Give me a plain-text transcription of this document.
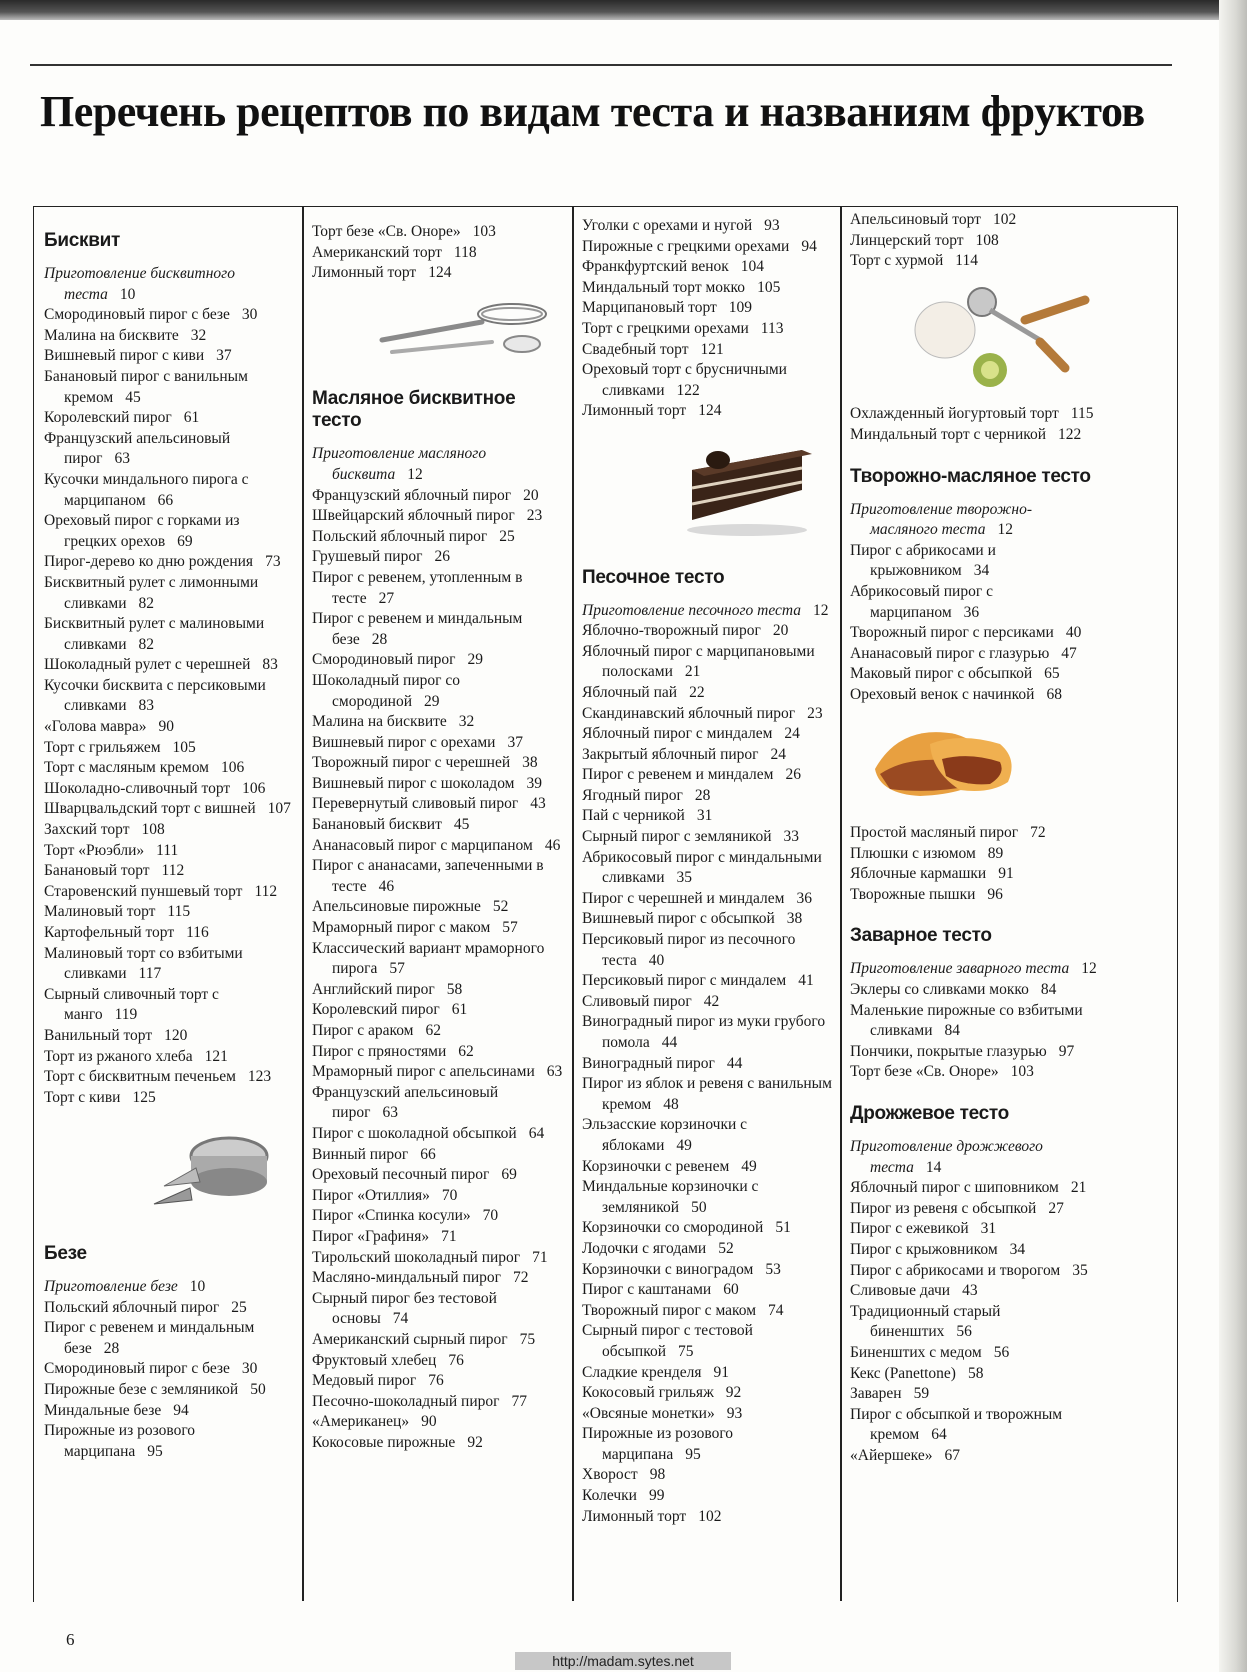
Перечень рецептов по видам теста и названиям фруктов
Бисквит
Приготовление бисквитного теста 10
Смородиновый пирог с безе 30
Малина на бисквите 32
Вишневый пирог с киви 37
Банановый пирог с ванильным кремом 45
Королевский пирог 61
Французский апельсиновый пирог 63
Кусочки миндального пирога с марципаном 66
Ореховый пирог с горками из грецких орехов 69
Пирог-дерево ко дню рождения 73
Бисквитный рулет с лимонными сливками 82
Бисквитный рулет с малиновыми сливками 82
Шоколадный рулет с черешней 83
Кусочки бисквита с персиковыми сливками 83
«Голова мавра» 90
Торт с грильяжем 105
Торт с масляным кремом 106
Шоколадно-сливочный торт 106
Шварцвальдский торт с вишней 107
Захский торт 108
Торт «Рюэбли» 111
Банановый торт 112
Старовенский пуншевый торт 112
Малиновый торт 115
Картофельный торт 116
Малиновый торт со взбитыми сливками 117
Сырный сливочный торт с манго 119
Ванильный торт 120
Торт из ржаного хлеба 121
Торт с бисквитным печеньем 123
Торт с киви 125
Безе
Приготовление безе 10
Польский яблочный пирог 25
Пирог с ревенем и миндальным безе 28
Смородиновый пирог с безе 30
Пирожные безе с земляникой 50
Миндальные безе 94
Пирожные из розового марципана 95
Торт безе «Св. Оноре» 103
Американский торт 118
Лимонный торт 124
Масляное бисквитное тесто
Приготовление масляного бисквита 12
Французский яблочный пирог 20
Швейцарский яблочный пирог 23
Польский яблочный пирог 25
Грушевый пирог 26
Пирог с ревенем, утопленным в тесте 27
Пирог с ревенем и миндальным безе 28
Смородиновый пирог 29
Шоколадный пирог со смородиной 29
Малина на бисквите 32
Вишневый пирог с орехами 37
Творожный пирог с черешней 38
Вишневый пирог с шоколадом 39
Перевернутый сливовый пирог 43
Банановый бисквит 45
Ананасовый пирог с марципаном 46
Пирог с ананасами, запеченными в тесте 46
Апельсиновые пирожные 52
Мраморный пирог с маком 57
Классический вариант мраморного пирога 57
Английский пирог 58
Королевский пирог 61
Пирог с араком 62
Пирог с пряностями 62
Мраморный пирог с апельсинами 63
Французский апельсиновый пирог 63
Пирог с шоколадной обсыпкой 64
Винный пирог 66
Ореховый песочный пирог 69
Пирог «Отиллия» 70
Пирог «Спинка косули» 70
Пирог «Графиня» 71
Тирольский шоколадный пирог 71
Масляно-миндальный пирог 72
Сырный пирог без тестовой основы 74
Американский сырный пирог 75
Фруктовый хлебец 76
Медовый пирог 76
Песочно-шоколадный пирог 77
«Американец» 90
Кокосовые пирожные 92
Уголки с орехами и нугой 93
Пирожные с грецкими орехами 94
Франкфуртский венок 104
Миндальный торт мокко 105
Марципановый торт 109
Торт с грецкими орехами 113
Свадебный торт 121
Ореховый торт с брусничными сливками 122
Лимонный торт 124
Песочное тесто
Приготовление песочного теста 12
Яблочно-творожный пирог 20
Яблочный пирог с марципановыми полосками 21
Яблочный пай 22
Скандинавский яблочный пирог 23
Яблочный пирог с миндалем 24
Закрытый яблочный пирог 24
Пирог с ревенем и миндалем 26
Ягодный пирог 28
Пай с черникой 31
Сырный пирог с земляникой 33
Абрикосовый пирог с миндальными сливками 35
Пирог с черешней и миндалем 36
Вишневый пирог с обсыпкой 38
Персиковый пирог из песочного теста 40
Персиковый пирог с миндалем 41
Сливовый пирог 42
Виноградный пирог из муки грубого помола 44
Виноградный пирог 44
Пирог из яблок и ревеня с ванильным кремом 48
Эльзасские корзиночки с яблоками 49
Корзиночки с ревенем 49
Миндальные корзиночки с земляникой 50
Корзиночки со смородиной 51
Лодочки с ягодами 52
Корзиночки с виноградом 53
Пирог с каштанами 60
Творожный пирог с маком 74
Сырный пирог с тестовой обсыпкой 75
Сладкие кренделя 91
Кокосовый грильяж 92
«Овсяные монетки» 93
Пирожные из розового марципана 95
Хворост 98
Колечки 99
Лимонный торт 102
Апельсиновый торт 102
Линцерский торт 108
Торт с хурмой 114
Охлажденный йогуртовый торт 115
Миндальный торт с черникой 122
Творожно-масляное тесто
Приготовление творожно-масляного теста 12
Пирог с абрикосами и крыжовником 34
Абрикосовый пирог с марципаном 36
Творожный пирог с персиками 40
Ананасовый пирог с глазурью 47
Маковый пирог с обсыпкой 65
Ореховый венок с начинкой 68
Простой масляный пирог 72
Плюшки с изюмом 89
Яблочные кармашки 91
Творожные пышки 96
Заварное тесто
Приготовление заварного теста 12
Эклеры со сливками мокко 84
Маленькие пирожные со взбитыми сливками 84
Пончики, покрытые глазурью 97
Торт безе «Св. Оноре» 103
Дрожжевое тесто
Приготовление дрожжевого теста 14
Яблочный пирог с шиповником 21
Пирог из ревеня с обсыпкой 27
Пирог с ежевикой 31
Пирог с крыжовником 34
Пирог с абрикосами и творогом 35
Сливовые дачи 43
Традиционный старый биненштих 56
Биненштих с медом 56
Кекс (Panettone) 58
Заварен 59
Пирог с обсыпкой и творожным кремом 64
«Айершеке» 67
6
http://madam.sytes.net
